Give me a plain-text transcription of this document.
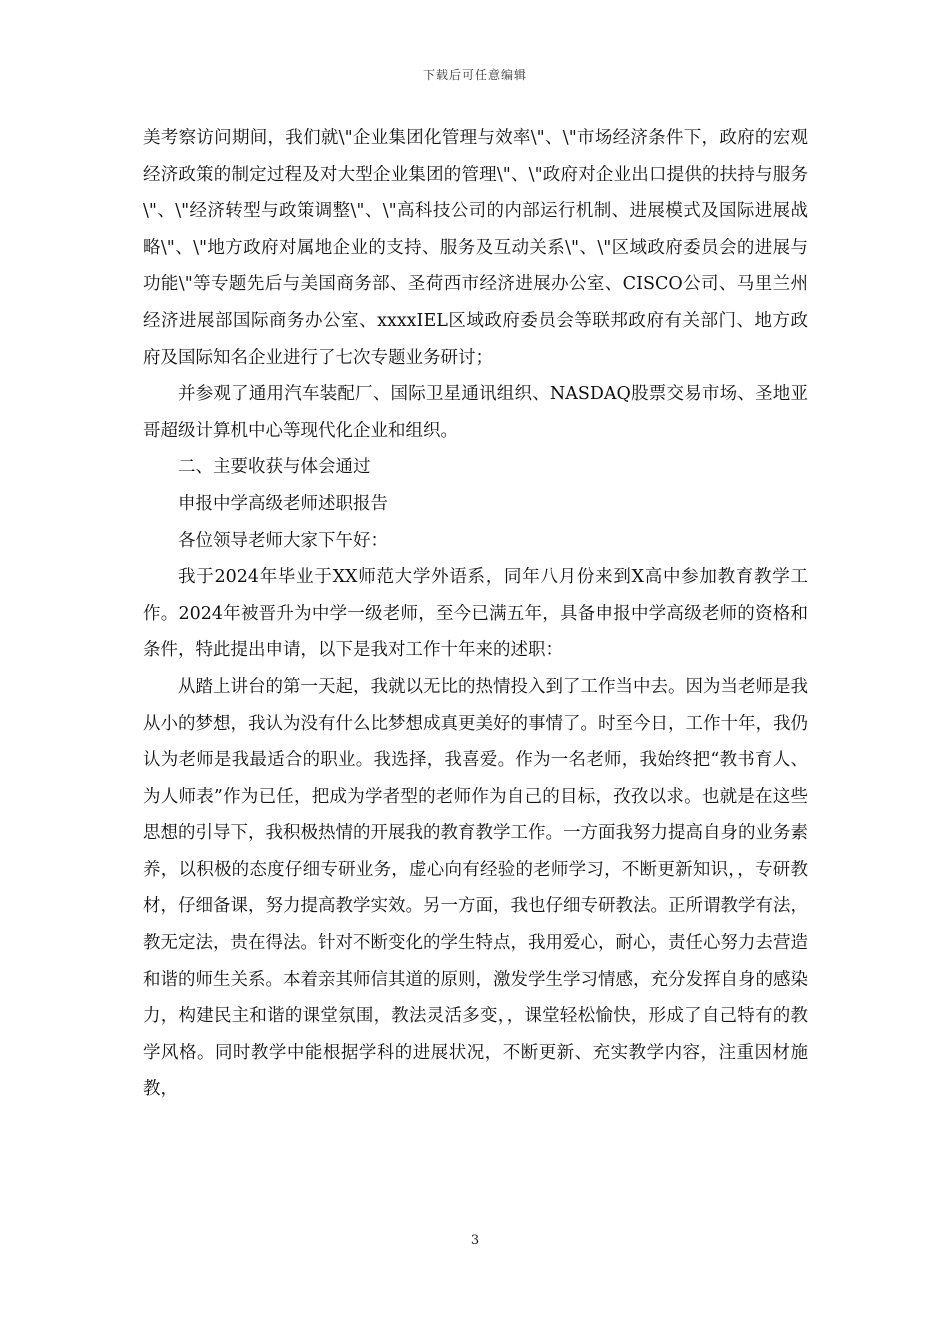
下载后可任意编辑

美考察访问期间，我们就\"企业集团化管理与效率\"、\"市场经济条件下，政府的宏观经济政策的制定过程及对大型企业集团的管理\"、\"政府对企业出口提供的扶持与服务\"、\"经济转型与政策调整\"、\"高科技公司的内部运行机制、进展模式及国际进展战略\"、\"地方政府对属地企业的支持、服务及互动关系\"、\"区域政府委员会的进展与功能\"等专题先后与美国商务部、圣荷西市经济进展办公室、CISCO公司、马里兰州经济进展部国际商务办公室、xxxxIEL区域政府委员会等联邦政府有关部门、地方政府及国际知名企业进行了七次专题业务研讨；

并参观了通用汽车装配厂、国际卫星通讯组织、NASDAQ股票交易市场、圣地亚哥超级计算机中心等现代化企业和组织。

二、主要收获与体会通过

申报中学高级老师述职报告

各位领导老师大家下午好：

我于2024年毕业于XX师范大学外语系，同年八月份来到X高中参加教育教学工作。2024年被晋升为中学一级老师，至今已满五年，具备申报中学高级老师的资格和条件，特此提出申请，以下是我对工作十年来的述职：

从踏上讲台的第一天起，我就以无比的热情投入到了工作当中去。因为当老师是我从小的梦想，我认为没有什么比梦想成真更美好的事情了。时至今日，工作十年，我仍认为老师是我最适合的职业。我选择，我喜爱。作为一名老师，我始终把“教书育人、为人师表”作为已任，把成为学者型的老师作为自己的目标，孜孜以求。也就是在这些思想的引导下，我积极热情的开展我的教育教学工作。一方面我努力提高自身的业务素养，以积极的态度仔细专研业务，虚心向有经验的老师学习，不断更新知识，，专研教材，仔细备课，努力提高教学实效。另一方面，我也仔细专研教法。正所谓教学有法，教无定法，贵在得法。针对不断变化的学生特点，我用爱心，耐心，责任心努力去营造和谐的师生关系。本着亲其师信其道的原则，激发学生学习情感，充分发挥自身的感染力，构建民主和谐的课堂氛围，教法灵活多变，，课堂轻松愉快，形成了自己特有的教学风格。同时教学中能根据学科的进展状况，不断更新、充实教学内容，注重因材施教，

3
